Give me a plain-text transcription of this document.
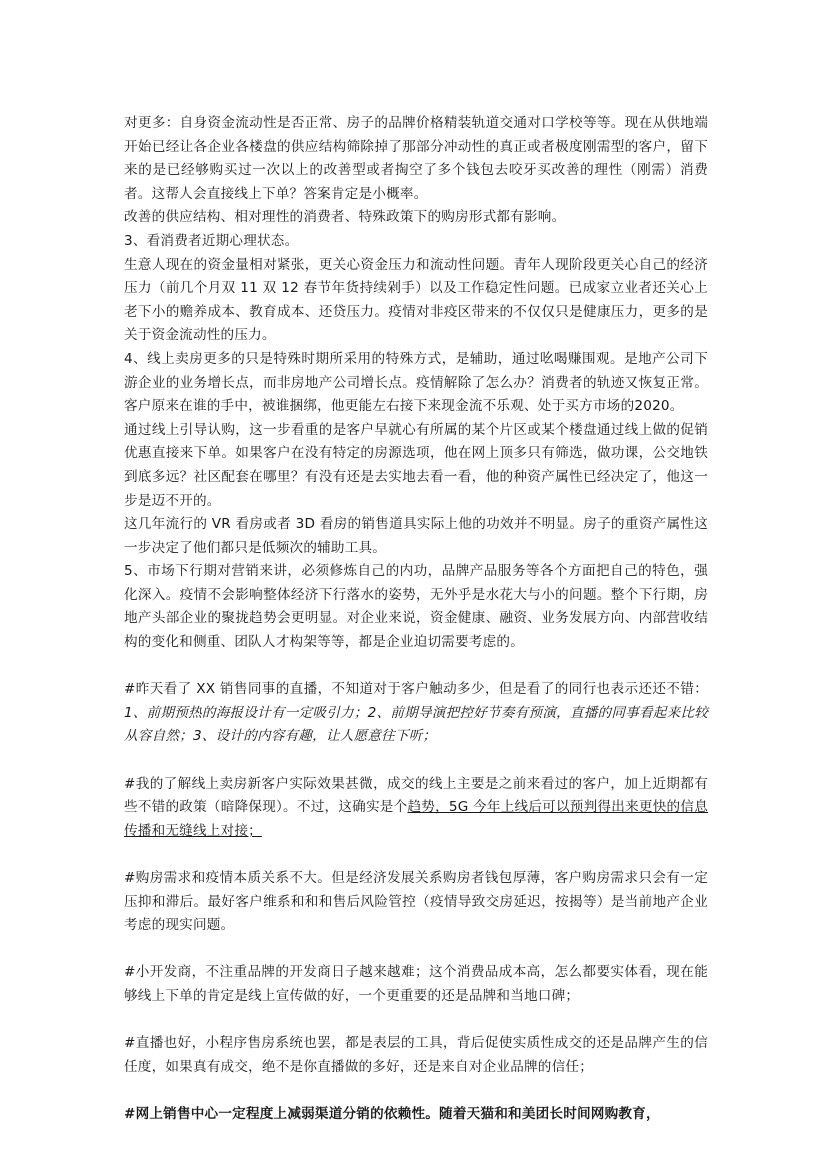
对更多：自身资金流动性是否正常、房子的品牌价格精装轨道交通对口学校等等。现在从供地端开始已经让各企业各楼盘的供应结构筛除掉了那部分冲动性的真正或者极度刚需型的客户，留下来的是已经够购买过一次以上的改善型或者掏空了多个钱包去咬牙买改善的理性（刚需）消费者。这帮人会直接线上下单？答案肯定是小概率。

改善的供应结构、相对理性的消费者、特殊政策下的购房形式都有影响。

3、看消费者近期心理状态。

生意人现在的资金量相对紧张，更关心资金压力和流动性问题。青年人现阶段更关心自己的经济压力（前几个月双 11 双 12 春节年货持续剁手）以及工作稳定性问题。已成家立业者还关心上老下小的赡养成本、教育成本、还贷压力。疫情对非疫区带来的不仅仅只是健康压力，更多的是关于资金流动性的压力。

4、线上卖房更多的只是特殊时期所采用的特殊方式，是辅助，通过吆喝赚围观。是地产公司下游企业的业务增长点，而非房地产公司增长点。疫情解除了怎么办？消费者的轨迹又恢复正常。客户原来在谁的手中，被谁捆绑，他更能左右接下来现金流不乐观、处于买方市场的2020。

通过线上引导认购，这一步看重的是客户早就心有所属的某个片区或某个楼盘通过线上做的促销优惠直接来下单。如果客户在没有特定的房源选项，他在网上顶多只有筛选，做功课，公交地铁到底多远？社区配套在哪里？有没有还是去实地去看一看，他的种资产属性已经决定了，他这一步是迈不开的。

这几年流行的 VR 看房或者 3D 看房的销售道具实际上他的功效并不明显。房子的重资产属性这一步决定了他们都只是低频次的辅助工具。

5、市场下行期对营销来讲，必须修炼自己的内功，品牌产品服务等各个方面把自己的特色，强化深入。疫情不会影响整体经济下行落水的姿势，无外乎是水花大与小的问题。整个下行期，房地产头部企业的聚拢趋势会更明显。对企业来说，资金健康、融资、业务发展方向、内部营收结构的变化和侧重、团队人才构架等等，都是企业迫切需要考虑的。

#昨天看了 XX 销售同事的直播，不知道对于客户触动多少，但是看了的同行也表示还还不错：1、前期预热的海报设计有一定吸引力；2、前期导演把控好节奏有预演，直播的同事看起来比较从容自然；3、设计的内容有趣，让人愿意往下听；

#我的了解线上卖房新客户实际效果甚微，成交的线上主要是之前来看过的客户，加上近期都有些不错的政策（暗降保现）。不过，这确实是个趋势，5G 今年上线后可以预判得出来更快的信息传播和无缝线上对接；

#购房需求和疫情本质关系不大。但是经济发展关系购房者钱包厚薄，客户购房需求只会有一定压抑和滞后。最好客户维系和和和售后风险管控（疫情导致交房延迟，按揭等）是当前地产企业考虑的现实问题。

#小开发商，不注重品牌的开发商日子越来越难；这个消费品成本高，怎么都要实体看，现在能够线上下单的肯定是线上宣传做的好，一个更重要的还是品牌和当地口碑；

#直播也好，小程序售房系统也罢，都是表层的工具，背后促使实质性成交的还是品牌产生的信任度，如果真有成交，绝不是你直播做的多好，还是来自对企业品牌的信任；

#网上销售中心一定程度上减弱渠道分销的依赖性。随着天猫和和美团长时间网购教育，
